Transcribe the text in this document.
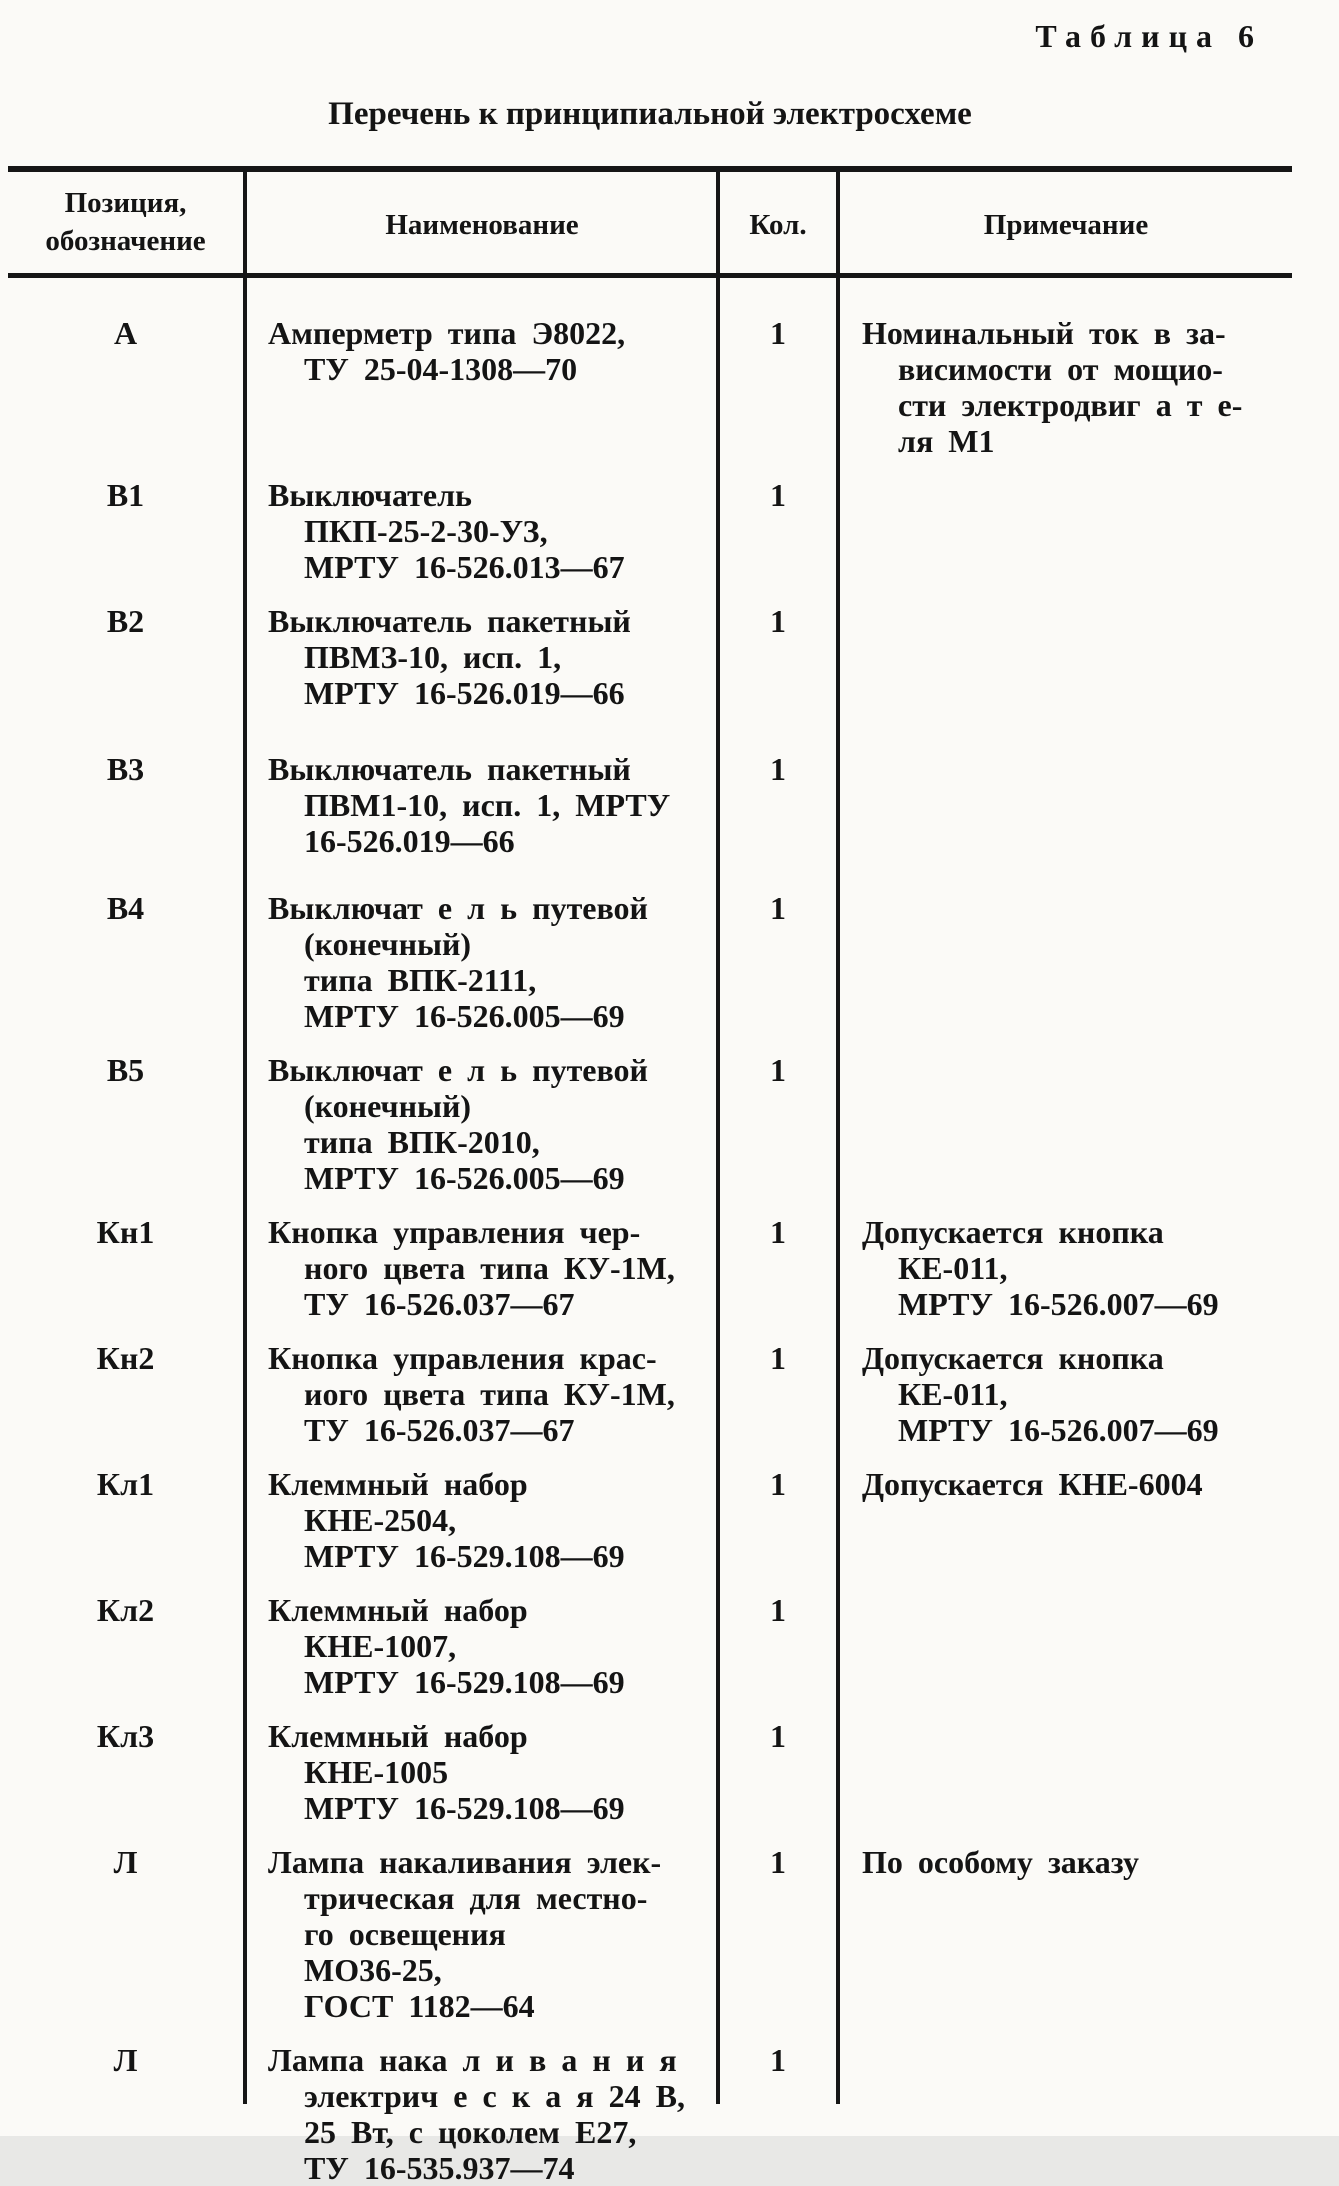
Таблица 6
Перечень к принципиальной электросхеме
Позиция,
обозначение	Наименование	Кол.	Примечание
А	Амперметр типа Э8022,
ТУ 25-04-1308—70
1	Номинальный ток в за-
висимости от мощио-
сти электродвиг а т е-
ля М1
В1	Выключатель
ПКП-25-2-30-УЗ,
МРТУ 16-526.013—67
1
В2	Выключатель пакетный
ПВМЗ-10, исп. 1,
МРТУ 16-526.019—66
1
В3	Выключатель пакетный
ПВМ1-10, исп. 1, МРТУ
16-526.019—66
1
В4	Выключат е л ь путевой
(конечный)
типа ВПК-2111,
МРТУ 16-526.005—69
1
В5	Выключат е л ь путевой
(конечный)
типа ВПК-2010,
МРТУ 16-526.005—69
1
Кн1	Кнопка управления чер-
ного цвета типа КУ-1М,
ТУ 16-526.037—67
1	Допускается кнопка
КЕ-011,
МРТУ 16-526.007—69
Кн2	Кнопка управления крас-
иого цвета типа КУ-1М,
ТУ 16-526.037—67
1	Допускается кнопка
КЕ-011,
МРТУ 16-526.007—69
Кл1	Клеммный набор
КНЕ-2504,
МРТУ 16-529.108—69
1	Допускается КНЕ-6004
Кл2	Клеммный набор
КНЕ-1007,
МРТУ 16-529.108—69
1
Кл3	Клеммный набор
КНЕ-1005
МРТУ 16-529.108—69
1
Л	Лампа накаливания элек-
трическая для местно-
го освещения
МО36-25,
ГОСТ 1182—64
1	По особому заказу
Л	Лампа нака л и в а н и я
электрич е с к а я 24 В,
25 Вт, с цоколем Е27,
ТУ 16-535.937—74
1
